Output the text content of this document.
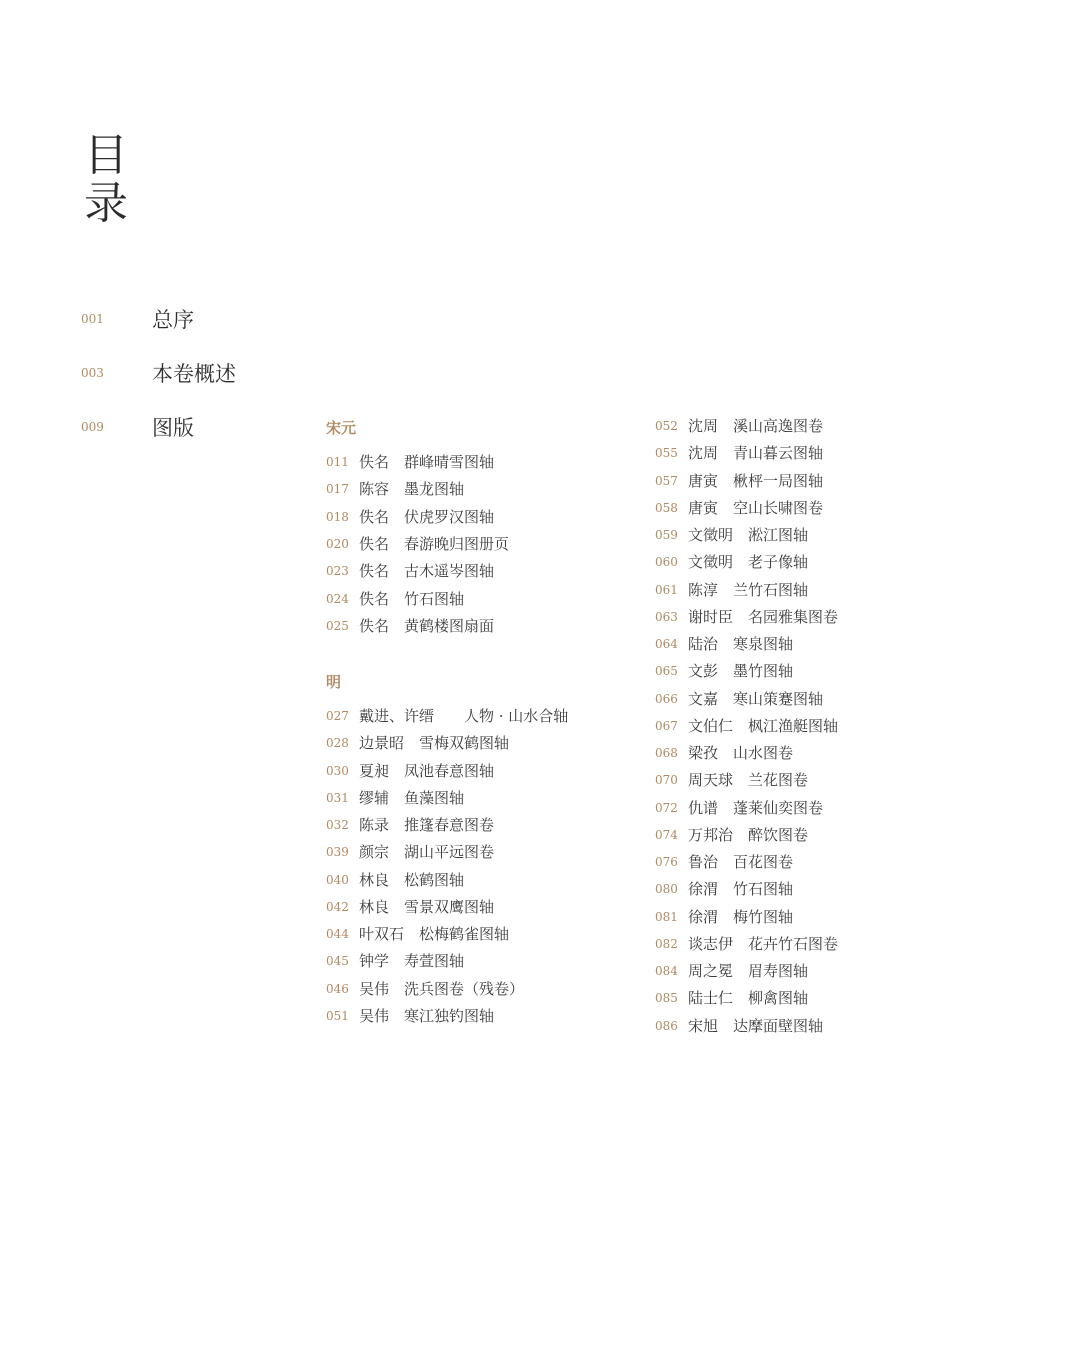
目
录
001 总序
003 本卷概述
009 图版	宋元
011 佚名 群峰晴雪图轴
017 陈容 墨龙图轴
018 佚名 伏虎罗汉图轴
020 佚名 春游晚归图册页
023 佚名 古木遥岑图轴
024 佚名 竹石图轴
025 佚名 黄鹤楼图扇面
明
027 戴进、许缙 人物 · 山水合轴
028 边景昭 雪梅双鹤图轴
030 夏昶 凤池春意图轴
031 缪辅 鱼藻图轴
032 陈录 推篷春意图卷
039 颜宗 湖山平远图卷
040 林良 松鹤图轴
042 林良 雪景双鹰图轴
044 叶双石 松梅鹤雀图轴
045 钟学 寿萱图轴
046 吴伟 洗兵图卷（残卷）
051 吴伟 寒江独钓图轴
052 沈周 溪山高逸图卷
055 沈周 青山暮云图轴
057 唐寅 楸枰一局图轴
058 唐寅 空山长啸图卷
059 文徵明 淞江图轴
060 文徵明 老子像轴
061 陈淳 兰竹石图轴
063 谢时臣 名园雅集图卷
064 陆治 寒泉图轴
065 文彭 墨竹图轴
066 文嘉 寒山策蹇图轴
067 文伯仁 枫江渔艇图轴
068 梁孜 山水图卷
070 周天球 兰花图卷
072 仇谱 蓬莱仙奕图卷
074 万邦治 醉饮图卷
076 鲁治 百花图卷
080 徐渭 竹石图轴
081 徐渭 梅竹图轴
082 谈志伊 花卉竹石图卷
084 周之冕 眉寿图轴
085 陆士仁 柳禽图轴
086 宋旭 达摩面壁图轴
